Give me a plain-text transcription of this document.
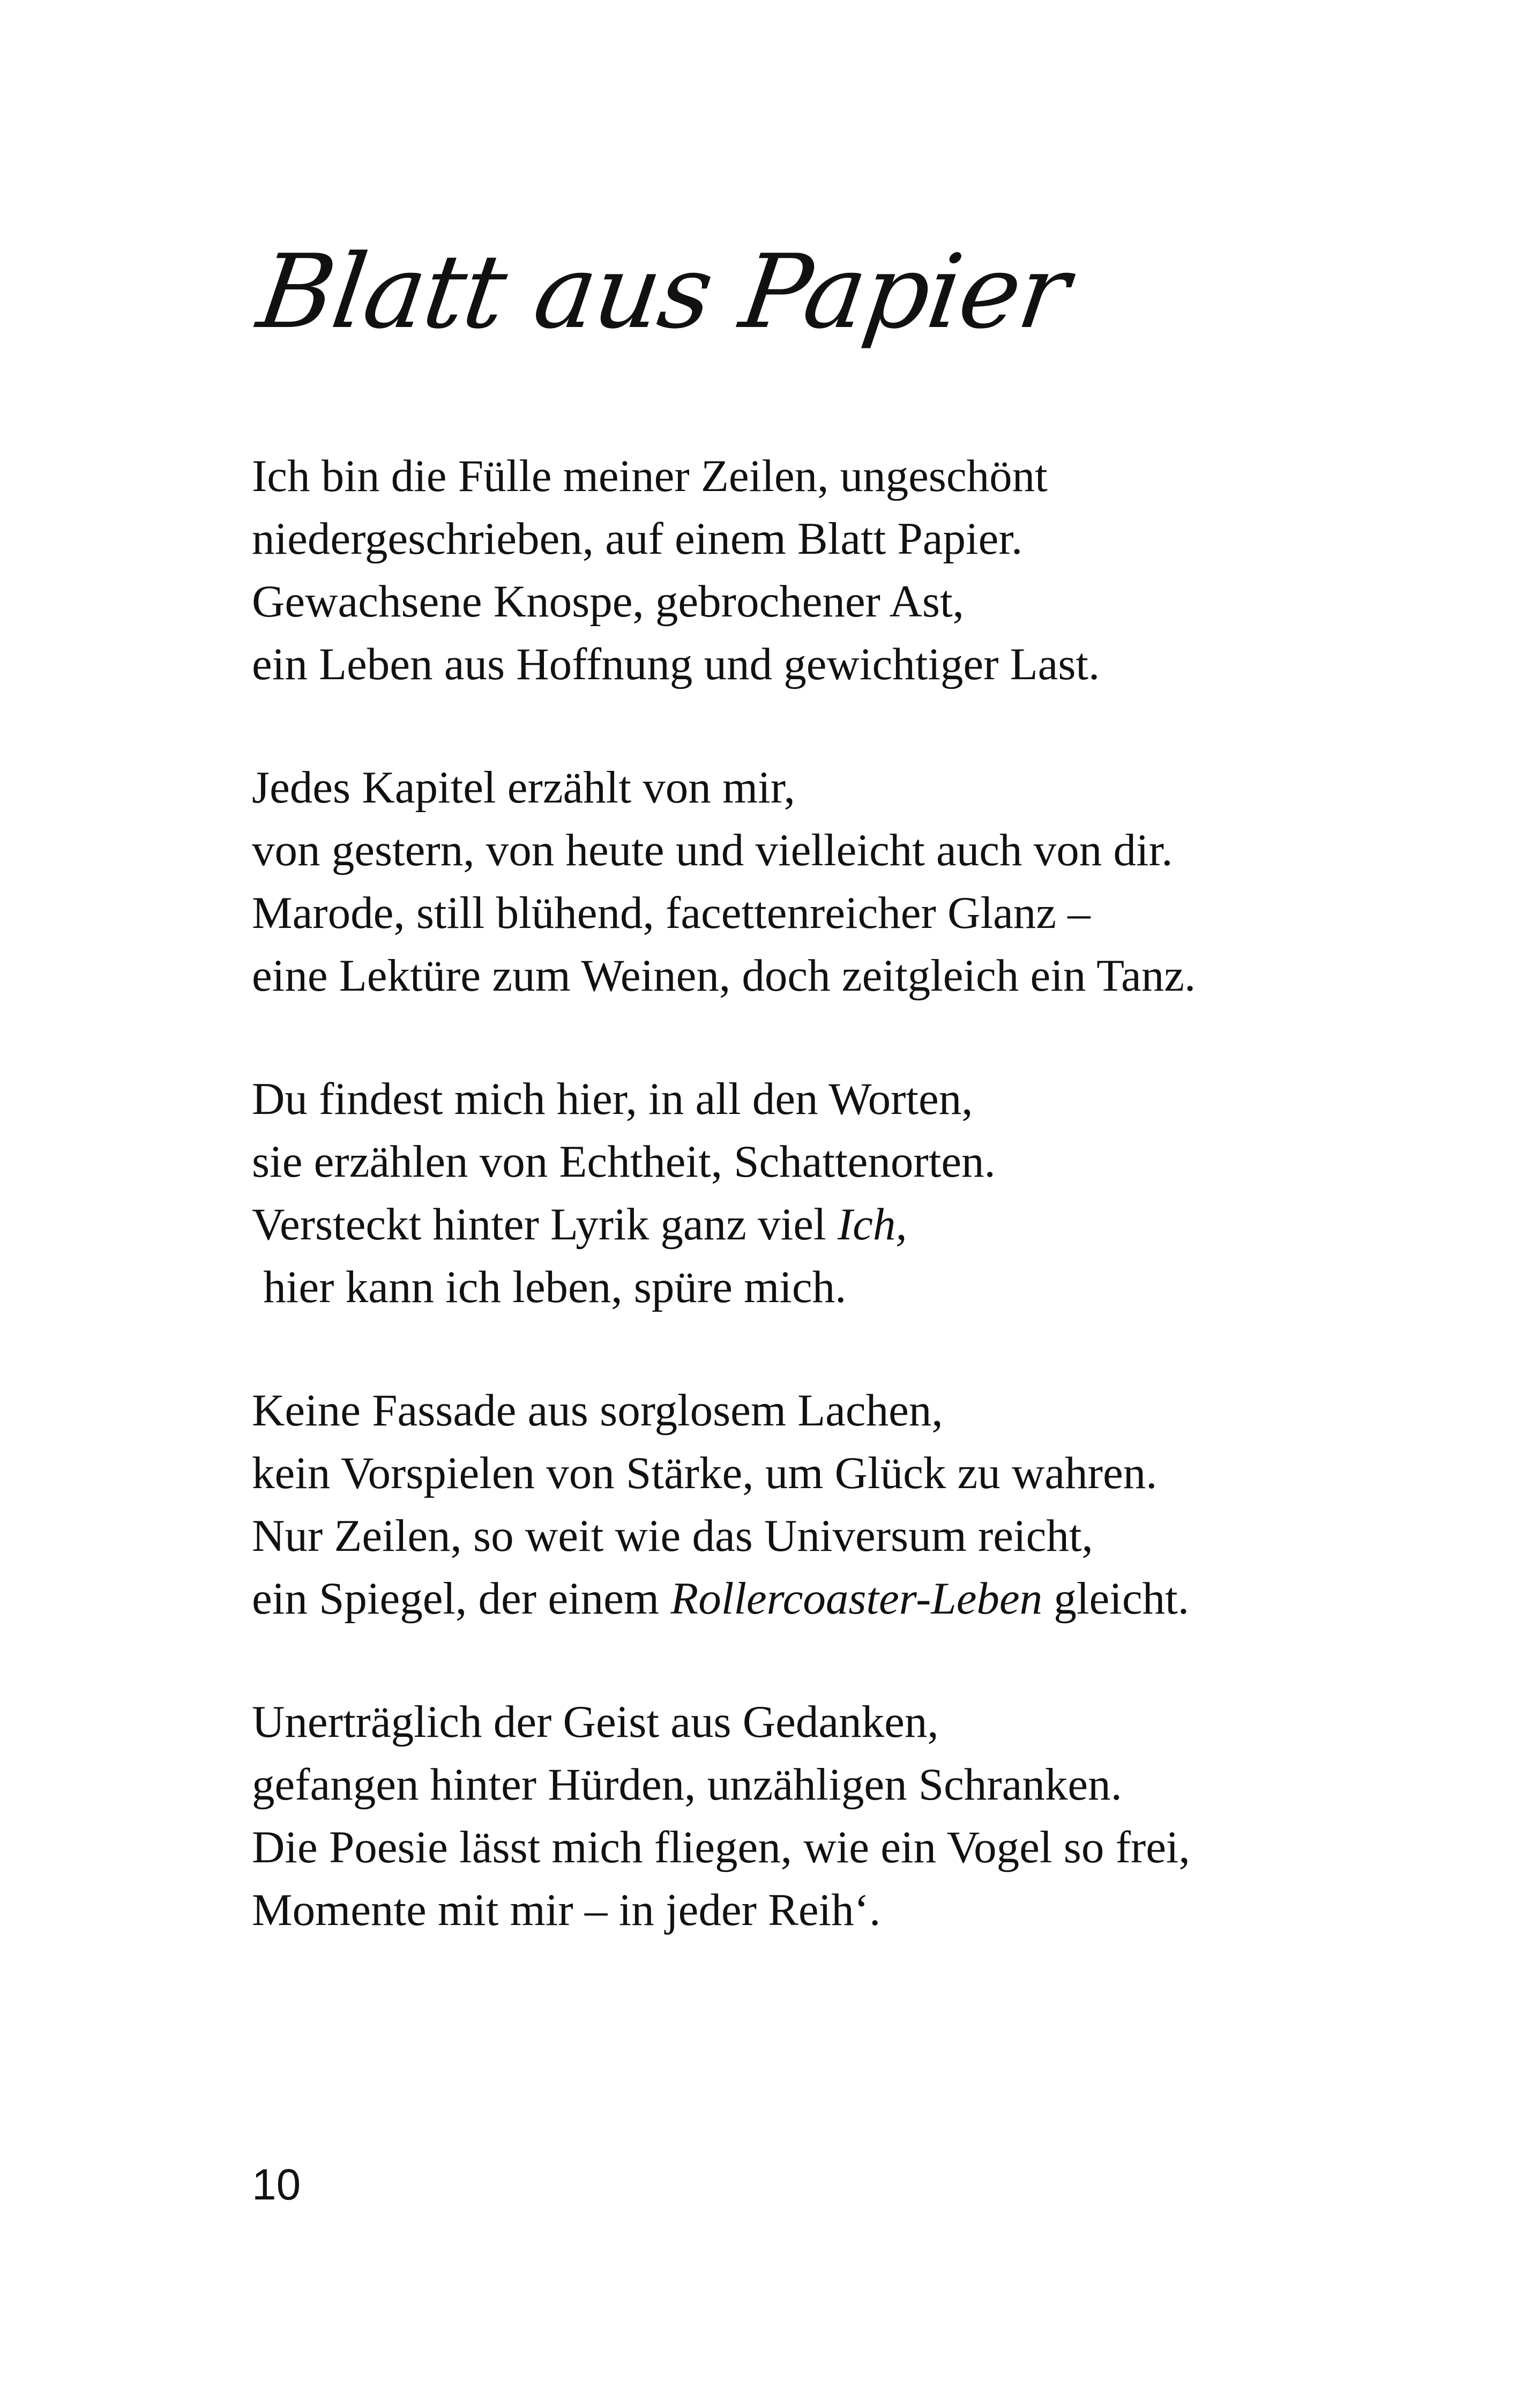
Blatt aus Papier

Ich bin die Fülle meiner Zeilen, ungeschönt
niedergeschrieben, auf einem Blatt Papier.
Gewachsene Knospe, gebrochener Ast,
ein Leben aus Hoffnung und gewichtiger Last.

Jedes Kapitel erzählt von mir,
von gestern, von heute und vielleicht auch von dir.
Marode, still blühend, facettenreicher Glanz –
eine Lektüre zum Weinen, doch zeitgleich ein Tanz.

Du findest mich hier, in all den Worten,
sie erzählen von Echtheit, Schattenorten.
Versteckt hinter Lyrik ganz viel Ich,
hier kann ich leben, spüre mich.

Keine Fassade aus sorglosem Lachen,
kein Vorspielen von Stärke, um Glück zu wahren.
Nur Zeilen, so weit wie das Universum reicht,
ein Spiegel, der einem Rollercoaster-Leben gleicht.

Unerträglich der Geist aus Gedanken,
gefangen hinter Hürden, unzähligen Schranken.
Die Poesie lässt mich fliegen, wie ein Vogel so frei,
Momente mit mir – in jeder Reih‘.

10
